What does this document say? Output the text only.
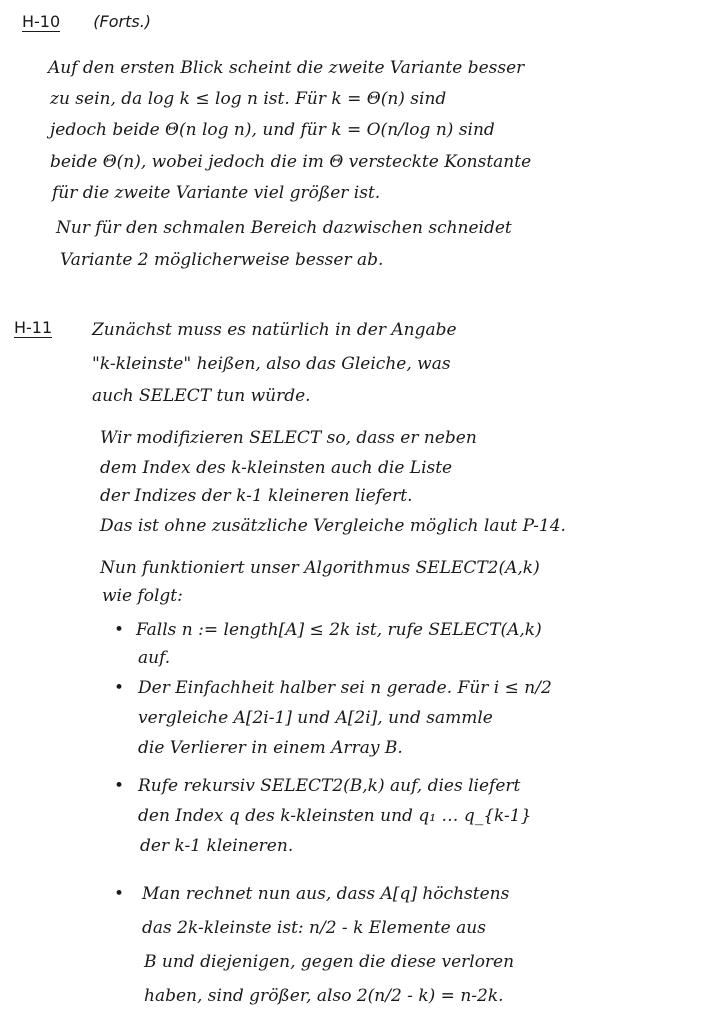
H-10 (Forts.)
Auf den ersten Blick scheint die zweite Variante besser
zu sein, da log k ≤ log n ist. Für k = Θ(n) sind
jedoch beide Θ(n log n), und für k = O(n/log n) sind
beide Θ(n), wobei jedoch die im Θ versteckte Konstante
für die zweite Variante viel größer ist.
Nur für den schmalen Bereich dazwischen schneidet
Variante 2 möglicherweise besser ab.
H-11 Zunächst muss es natürlich in der Angabe
"k-kleinste" heißen, also das Gleiche, was
auch SELECT tun würde.
Wir modifizieren SELECT so, dass er neben
dem Index des k-kleinsten auch die Liste
der Indizes der k-1 kleineren liefert.
Das ist ohne zusätzliche Vergleiche möglich laut P-14.
Nun funktioniert unser Algorithmus SELECT2(A,k)
wie folgt:
• Falls n := length[A] ≤ 2k ist, rufe SELECT(A,k)
auf.
• Der Einfachheit halber sei n gerade. Für i ≤ n/2
vergleiche A[2i-1] und A[2i], und sammle
die Verlierer in einem Array B.
• Rufe rekursiv SELECT2(B,k) auf, dies liefert
den Index q des k-kleinsten und q₁ … q_{k-1}
der k-1 kleineren.
• Man rechnet nun aus, dass A[q] höchstens
das 2k-kleinste ist: n/2 - k Elemente aus
B und diejenigen, gegen die diese verloren
haben, sind größer, also 2(n/2 - k) = n-2k.
